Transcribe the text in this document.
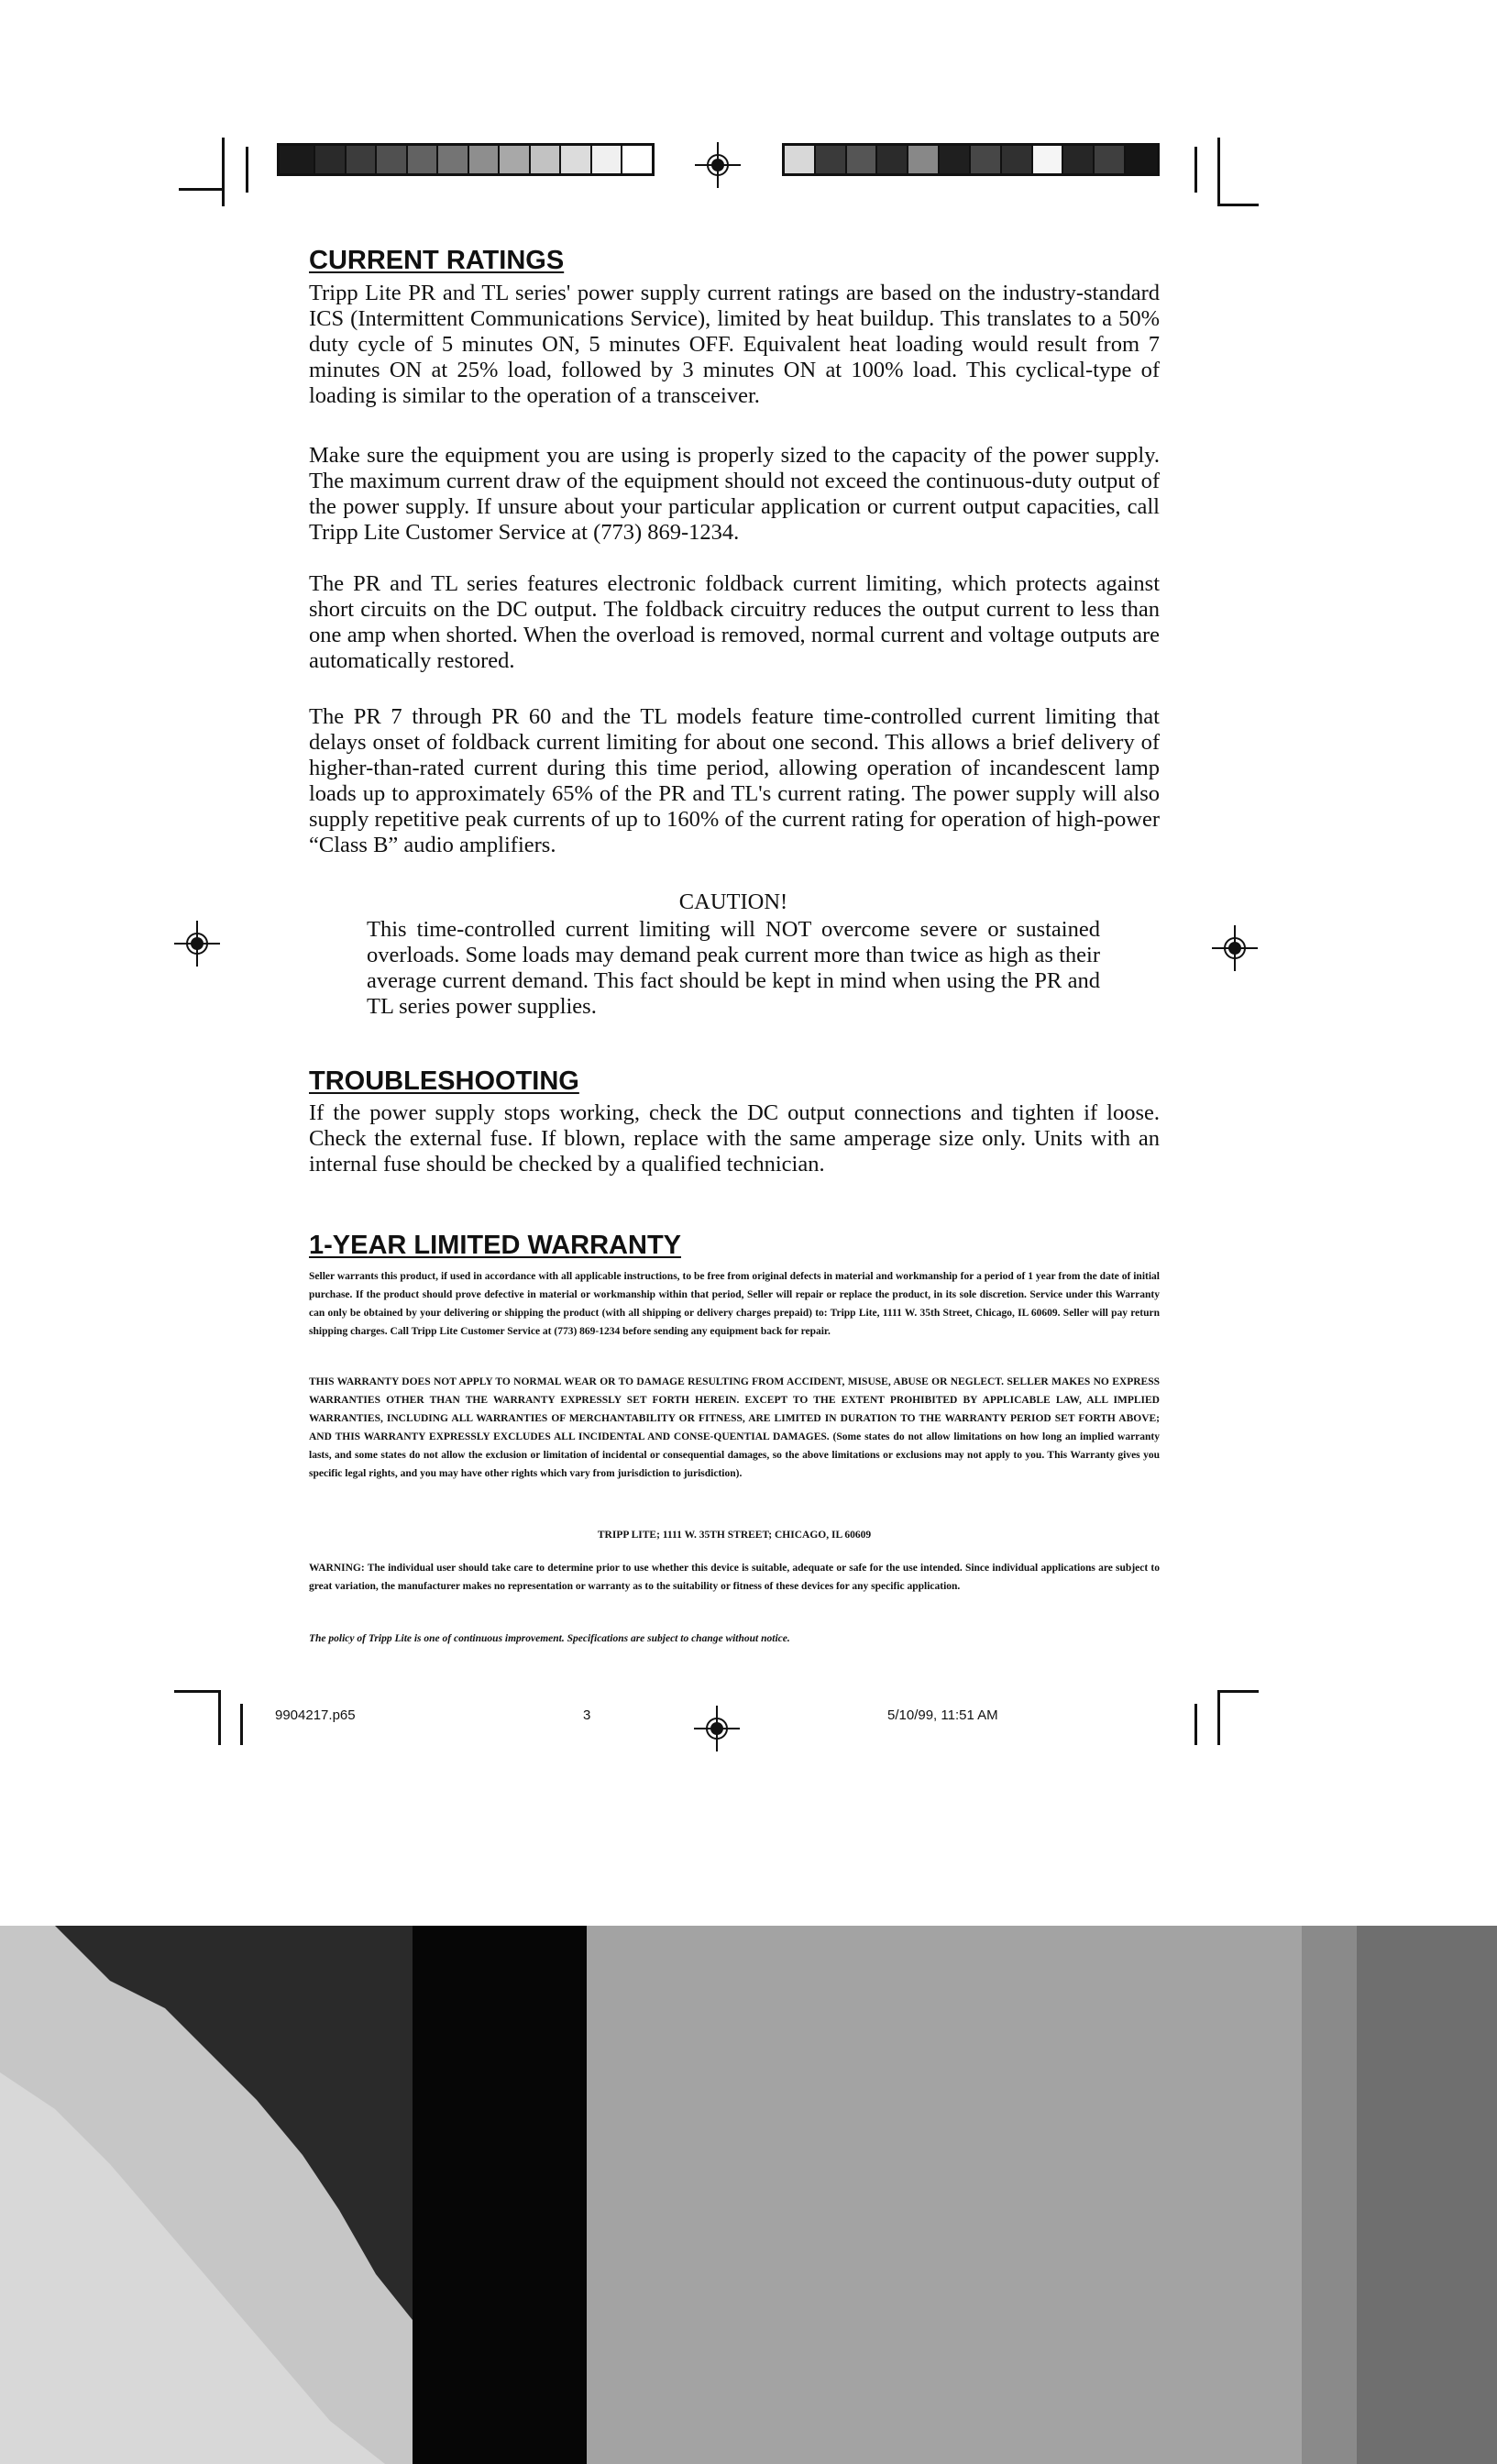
CURRENT RATINGS

Tripp Lite PR and TL series' power supply current ratings are based on the industry-standard ICS (Intermittent Communications Service), limited by heat buildup. This translates to a 50% duty cycle of 5 minutes ON, 5 minutes OFF. Equivalent heat loading would result from 7 minutes ON at 25% load, followed by 3 minutes ON at 100% load. This cyclical-type of loading is similar to the operation of a transceiver.

Make sure the equipment you are using is properly sized to the capacity of the power supply. The maximum current draw of the equipment should not exceed the continuous-duty output of the power supply. If unsure about your particular application or current output capacities, call Tripp Lite Customer Service at (773) 869-1234.

The PR and TL series features electronic foldback current limiting, which protects against short circuits on the DC output. The foldback circuitry reduces the output current to less than one amp when shorted. When the overload is removed, normal current and voltage outputs are automatically restored.

The PR 7 through PR 60 and the TL models feature time-controlled current limiting that delays onset of foldback current limiting for about one second. This allows a brief delivery of higher-than-rated current during this time period, allowing operation of incandescent lamp loads up to approximately 65% of the PR and TL's current rating. The power supply will also supply repetitive peak currents of up to 160% of the current rating for operation of high-power “Class B” audio amplifiers.

CAUTION!

This time-controlled current limiting will NOT overcome severe or sustained overloads. Some loads may demand peak current more than twice as high as their average current demand. This fact should be kept in mind when using the PR and TL series power supplies.

TROUBLESHOOTING

If the power supply stops working, check the DC output connections and tighten if loose. Check the external fuse. If blown, replace with the same amperage size only. Units with an internal fuse should be checked by a qualified technician.

1-YEAR LIMITED WARRANTY

Seller warrants this product, if used in accordance with all applicable instructions, to be free from original defects in material and workmanship for a period of 1 year from the date of initial purchase. If the product should prove defective in material or workmanship within that period, Seller will repair or replace the product, in its sole discretion. Service under this Warranty can only be obtained by your delivering or shipping the product (with all shipping or delivery charges prepaid) to: Tripp Lite, 1111 W. 35th Street, Chicago, IL 60609. Seller will pay return shipping charges. Call Tripp Lite Customer Service at (773) 869-1234 before sending any equipment back for repair.

THIS WARRANTY DOES NOT APPLY TO NORMAL WEAR OR TO DAMAGE RESULTING FROM ACCIDENT, MISUSE, ABUSE OR NEGLECT. SELLER MAKES NO EXPRESS WARRANTIES OTHER THAN THE WARRANTY EXPRESSLY SET FORTH HEREIN. EXCEPT TO THE EXTENT PROHIBITED BY APPLICABLE LAW, ALL IMPLIED WARRANTIES, INCLUDING ALL WARRANTIES OF MERCHANTABILITY OR FITNESS, ARE LIMITED IN DURATION TO THE WARRANTY PERIOD SET FORTH ABOVE; AND THIS WARRANTY EXPRESSLY EXCLUDES ALL INCIDENTAL AND CONSE-QUENTIAL DAMAGES. (Some states do not allow limitations on how long an implied warranty lasts, and some states do not allow the exclusion or limitation of incidental or consequential damages, so the above limitations or exclusions may not apply to you. This Warranty gives you specific legal rights, and you may have other rights which vary from jurisdiction to jurisdiction).

TRIPP LITE; 1111 W. 35TH STREET; CHICAGO, IL 60609

WARNING: The individual user should take care to determine prior to use whether this device is suitable, adequate or safe for the use intended. Since individual applications are subject to great variation, the manufacturer makes no representation or warranty as to the suitability or fitness of these devices for any specific application.

The policy of Tripp Lite is one of continuous improvement. Specifications are subject to change without notice.

9904217.p65	3	5/10/99, 11:51 AM
